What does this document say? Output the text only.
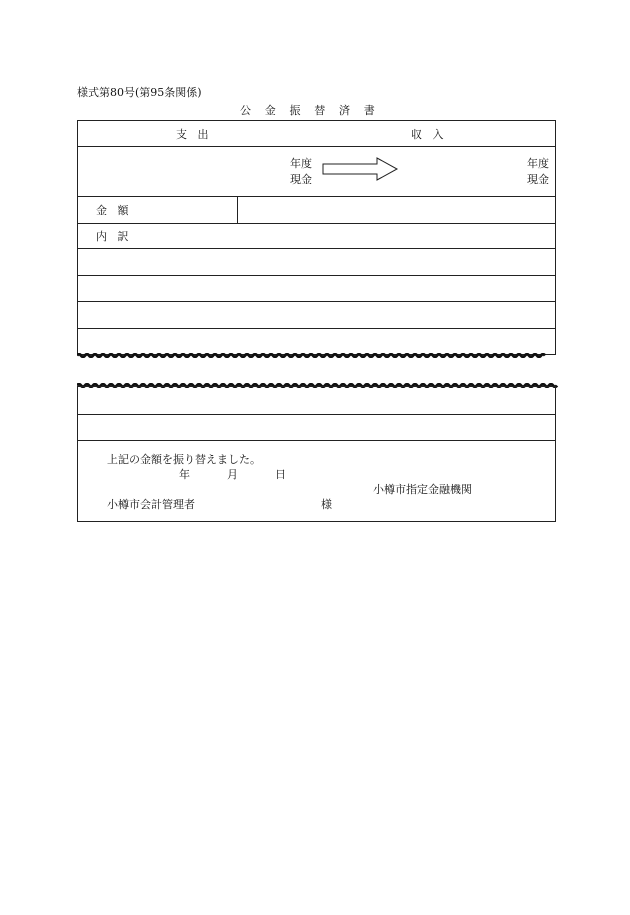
様式第80号(第95条関係)
公金振替済書
支出	収入
年度
現金
年度
現金
金額
内訳
上記の金額を振り替えました。
年	月	日
小樽市指定金融機関
小樽市会計管理者	様
